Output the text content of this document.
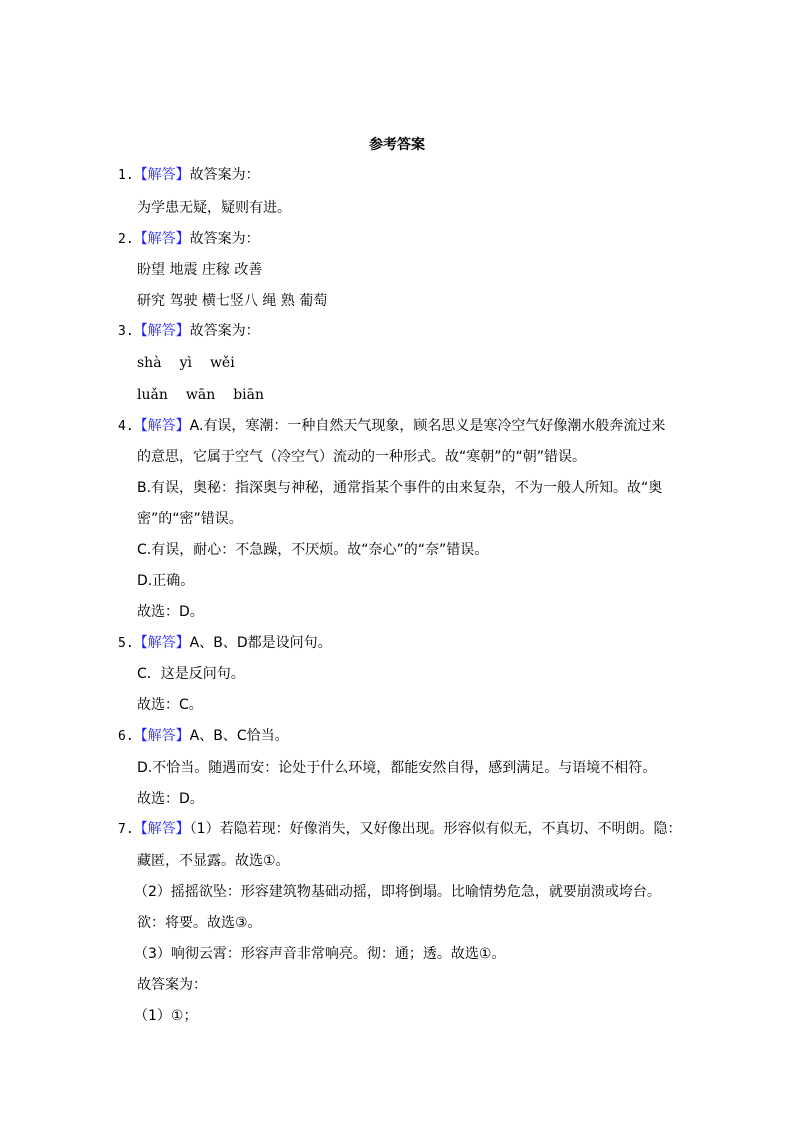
参考答案
1.【解答】故答案为：
为学患无疑，疑则有进。
2.【解答】故答案为：
盼望 地震 庄稼 改善
研究 驾驶 横七竖八 绳 熟 葡萄
3.【解答】故答案为：
shà yì wěi
luǎn wān biān
4.【解答】A.有误，寒潮：一种自然天气现象，顾名思义是寒冷空气好像潮水般奔流过来
的意思，它属于空气（冷空气）流动的一种形式。故“寒朝”的“朝”错误。
B.有误，奥秘：指深奥与神秘，通常指某个事件的由来复杂，不为一般人所知。故“奥
密”的“密”错误。
C.有误，耐心：不急躁，不厌烦。故“奈心”的“奈”错误。
D.正确。
故选：D。
5.【解答】A、B、D都是设问句。
C．这是反问句。
故选：C。
6.【解答】A、B、C恰当。
D.不恰当。随遇而安：论处于什么环境，都能安然自得，感到满足。与语境不相符。
故选：D。
7.【解答】（1）若隐若现：好像消失，又好像出现。形容似有似无，不真切、不明朗。隐：
藏匿，不显露。故选①。
（2）摇摇欲坠：形容建筑物基础动摇，即将倒塌。比喻情势危急，就要崩溃或垮台。
欲：将要。故选③。
（3）响彻云霄：形容声音非常响亮。彻：通；透。故选①。
故答案为：
（1）①；
